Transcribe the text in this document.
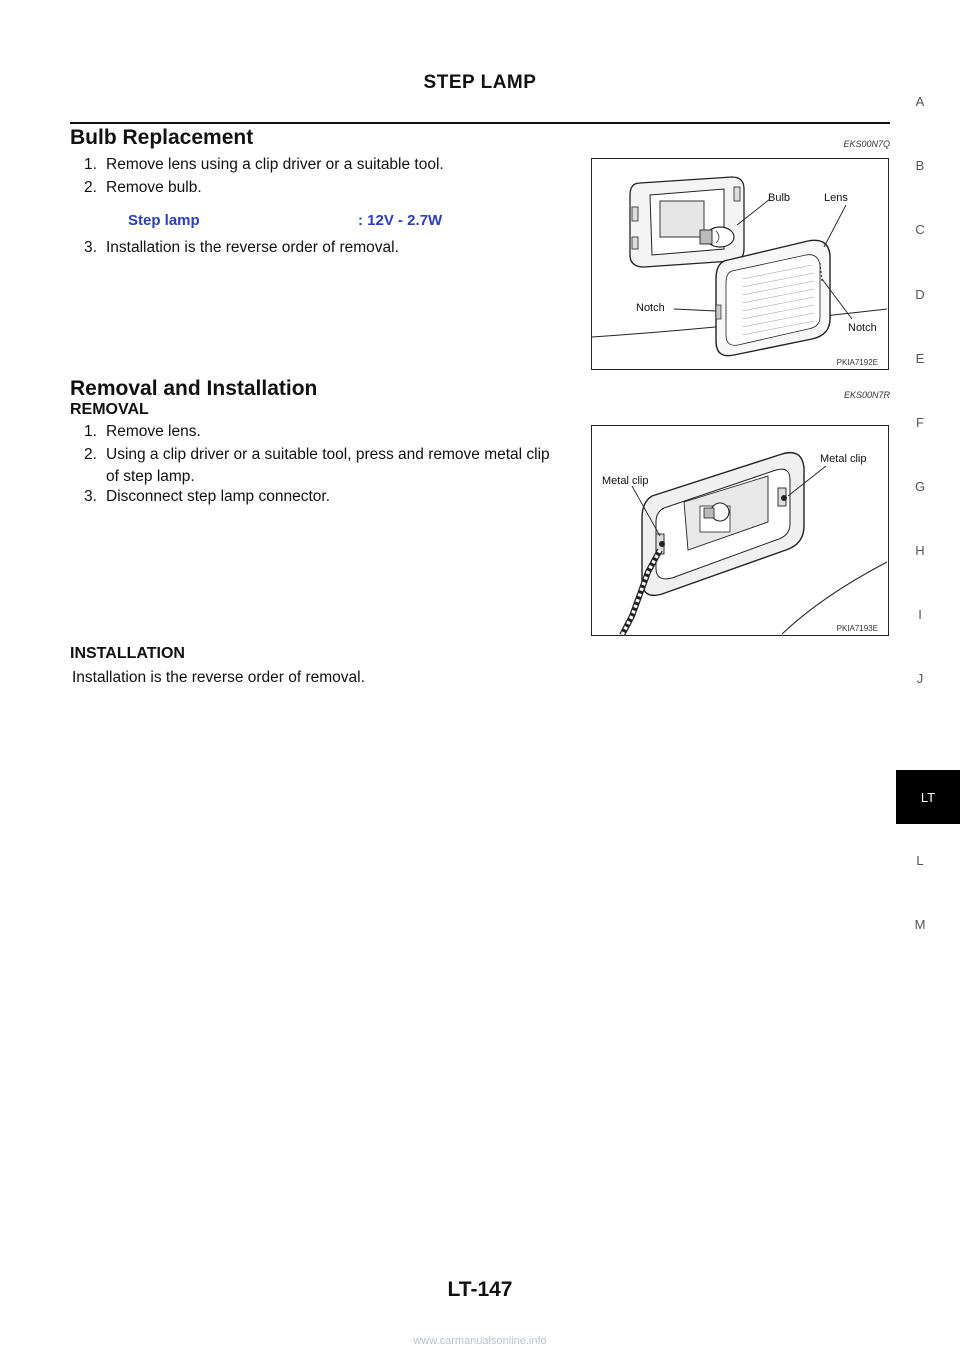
STEP LAMP
Bulb Replacement	EKS00N7Q
1. Remove lens using a clip driver or a suitable tool.
2. Remove bulb.
Step lamp	: 12V - 2.7W
3. Installation is the reverse order of removal.
Bulb	Lens
Notch
Notch
PKIA7192E
Removal and Installation	EKS00N7R
REMOVAL
1. Remove lens.
2. Using a clip driver or a suitable tool, press and remove metal clip
of step lamp.
3. Disconnect step lamp connector.
Metal clip
Metal clip
PKIA7193E
INSTALLATION
Installation is the reverse order of removal.
A
B
C
D
E
F
G
H
I
J
LT
L
M
LT-147
www.carmanualsonline.info
